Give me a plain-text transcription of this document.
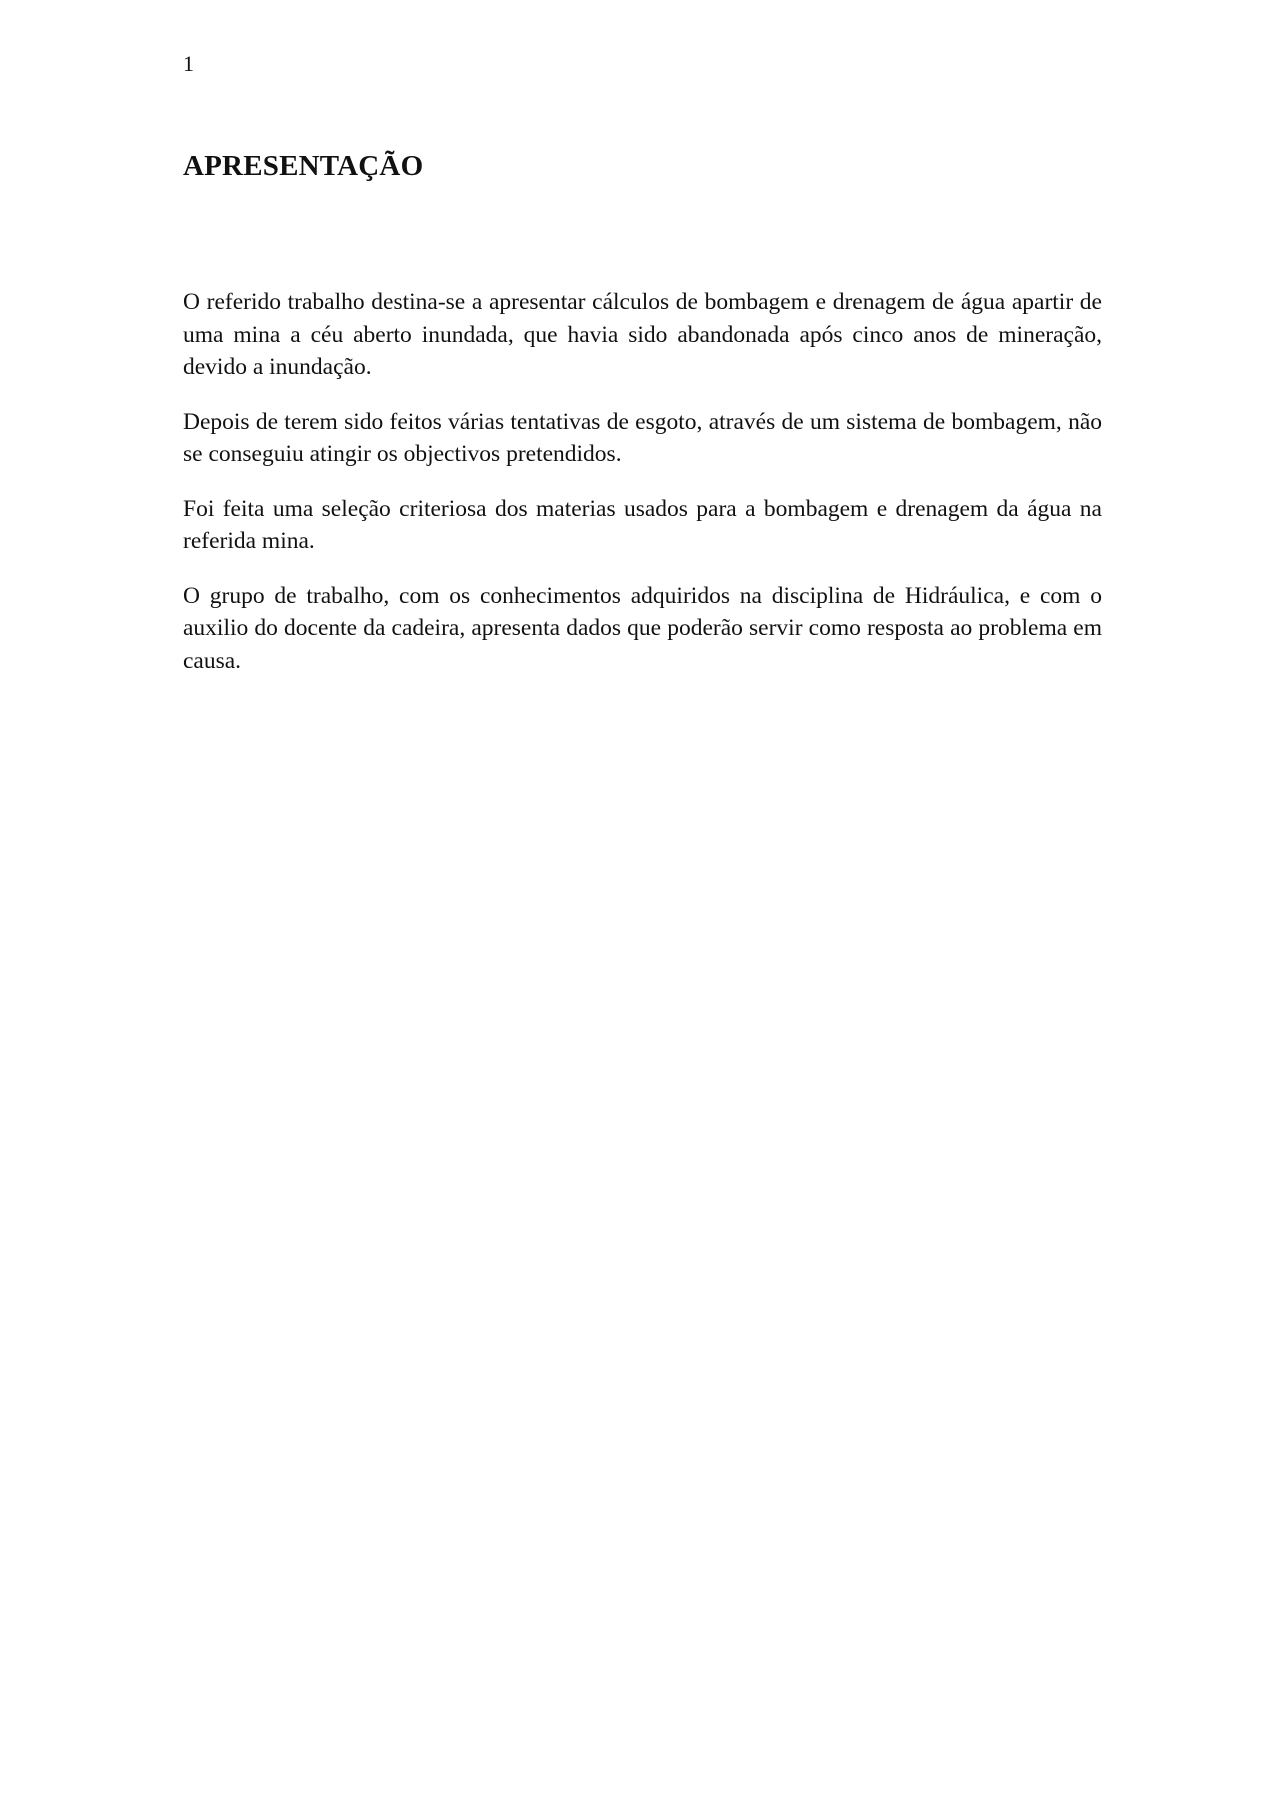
1
APRESENTAÇÃO

O referido trabalho destina-se a apresentar cálculos de bombagem e drenagem de água apartir de uma mina a céu aberto inundada, que havia sido abandonada após cinco anos de mineração, devido a inundação.

Depois de terem sido feitos várias tentativas de esgoto, através de um sistema de bombagem, não se conseguiu atingir os objectivos pretendidos.

Foi feita uma seleção criteriosa dos materias usados para a bombagem e drenagem da água na referida mina.

O grupo de trabalho, com os conhecimentos adquiridos na disciplina de Hidráulica, e com o auxilio do docente da cadeira, apresenta dados que poderão servir como resposta ao problema em causa.
